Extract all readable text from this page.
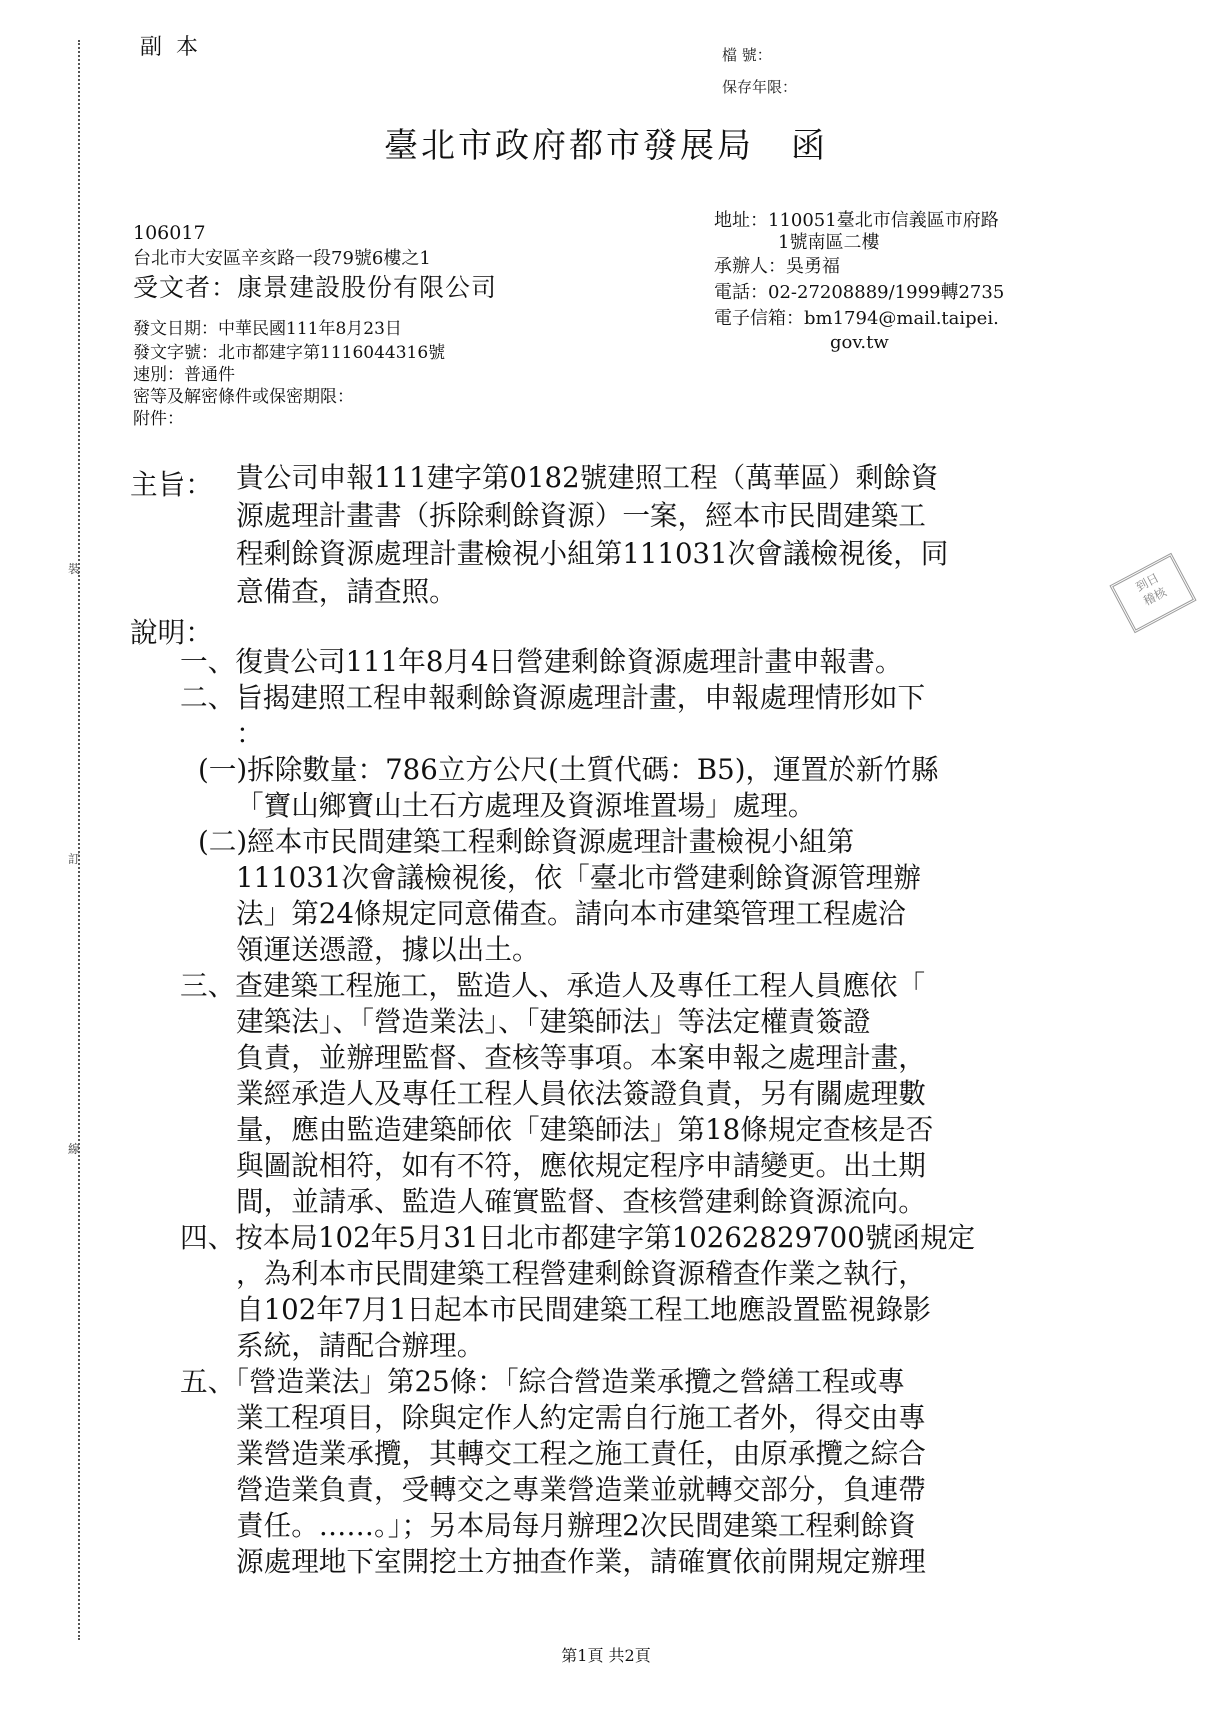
裝
訂
線
副本	檔 號：
保存年限：
臺北市政府都市發展局　函
106017
台北市大安區辛亥路一段79號6樓之1
受文者：康景建設股份有限公司
地址：110051臺北市信義區市府路
1號南區二樓
承辦人：吳勇福
電話：02-27208889/1999轉2735
電子信箱：bm1794@mail.taipei.
gov.tw
發文日期：中華民國111年8月23日
發文字號：北市都建字第1116044316號
速別：普通件
密等及解密條件或保密期限：
附件：
主旨： 貴公司申報111建字第0182號建照工程（萬華區）剩餘資
源處理計畫書（拆除剩餘資源）一案，經本市民間建築工
程剩餘資源處理計畫檢視小組第111031次會議檢視後，同
意備查，請查照。
說明：
一、復貴公司111年8月4日營建剩餘資源處理計畫申報書。
二、旨揭建照工程申報剩餘資源處理計畫，申報處理情形如下
：
(一)拆除數量：786立方公尺(土質代碼：B5)，運置於新竹縣
「寶山鄉寶山土石方處理及資源堆置場」處理。
(二)經本市民間建築工程剩餘資源處理計畫檢視小組第
111031次會議檢視後，依「臺北市營建剩餘資源管理辦
法」第24條規定同意備查。請向本市建築管理工程處洽
領運送憑證，據以出土。
三、查建築工程施工，監造人、承造人及專任工程人員應依「
建築法」、「營造業法」、「建築師法」等法定權責簽證
負責，並辦理監督、查核等事項。本案申報之處理計畫，
業經承造人及專任工程人員依法簽證負責，另有關處理數
量，應由監造建築師依「建築師法」第18條規定查核是否
與圖說相符，如有不符，應依規定程序申請變更。出土期
間，並請承、監造人確實監督、查核營建剩餘資源流向。
四、按本局102年5月31日北市都建字第10262829700號函規定
，為利本市民間建築工程營建剩餘資源稽查作業之執行，
自102年7月1日起本市民間建築工程工地應設置監視錄影
系統，請配合辦理。
五、「營造業法」第25條：「綜合營造業承攬之營繕工程或專
業工程項目，除與定作人約定需自行施工者外，得交由專
業營造業承攬，其轉交工程之施工責任，由原承攬之綜合
營造業負責，受轉交之專業營造業並就轉交部分，負連帶
責任。……。」；另本局每月辦理2次民間建築工程剩餘資
源處理地下室開挖土方抽查作業，請確實依前開規定辦理
到日
稽核
第1頁 共2頁
